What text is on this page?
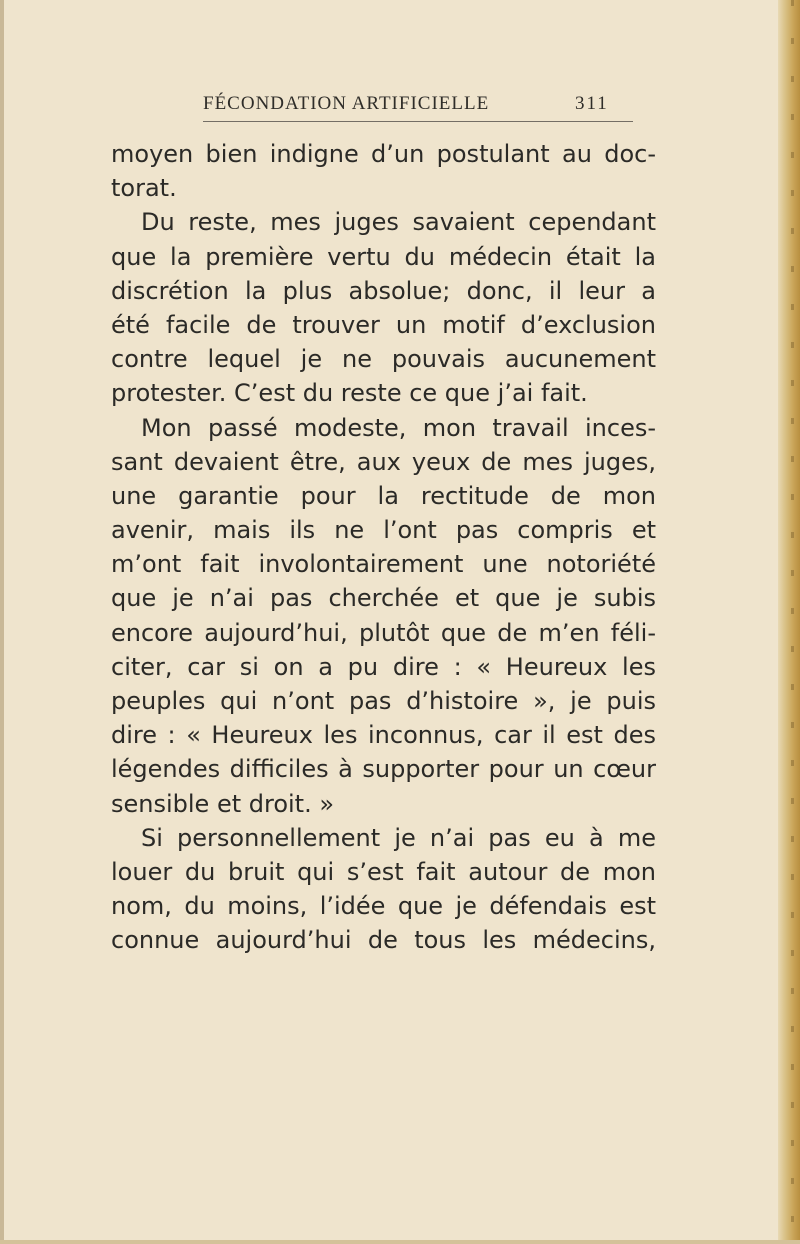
FÉCONDATION ARTIFICIELLE	311
moyen bien indigne d’un postulant au doc-
torat.
Du reste, mes juges savaient cependant
que la première vertu du médecin était la
discrétion la plus absolue; donc, il leur a
été facile de trouver un motif d’exclusion
contre lequel je ne pouvais aucunement
protester. C’est du reste ce que j’ai fait.
Mon passé modeste, mon travail inces-
sant devaient être, aux yeux de mes juges,
une garantie pour la rectitude de mon
avenir, mais ils ne l’ont pas compris et
m’ont fait involontairement une notoriété
que je n’ai pas cherchée et que je subis
encore aujourd’hui, plutôt que de m’en féli-
citer, car si on a pu dire : « Heureux les
peuples qui n’ont pas d’histoire », je puis
dire : « Heureux les inconnus, car il est des
légendes difficiles à supporter pour un cœur
sensible et droit. »
Si personnellement je n’ai pas eu à me
louer du bruit qui s’est fait autour de mon
nom, du moins, l’idée que je défendais est
connue aujourd’hui de tous les médecins,
